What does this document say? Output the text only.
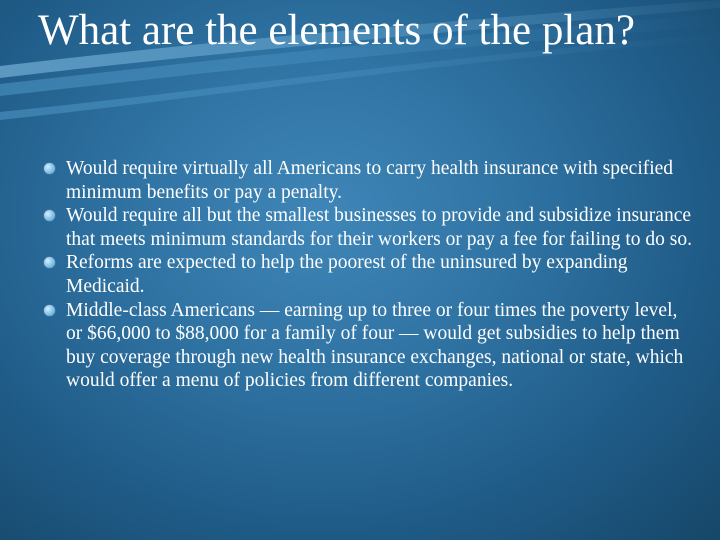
What are the elements of the plan?
Would require virtually all Americans to carry health insurance with specified minimum benefits or pay a penalty.
Would require all but the smallest businesses to provide and subsidize insurance that meets minimum standards for their workers or pay a fee for failing to do so.
Reforms are expected to help the poorest of the uninsured by expanding Medicaid.
Middle-class Americans — earning up to three or four times the poverty level, or $66,000 to $88,000 for a family of four — would get subsidies to help them buy coverage through new health insurance exchanges, national or state, which would offer a menu of policies from different companies.
